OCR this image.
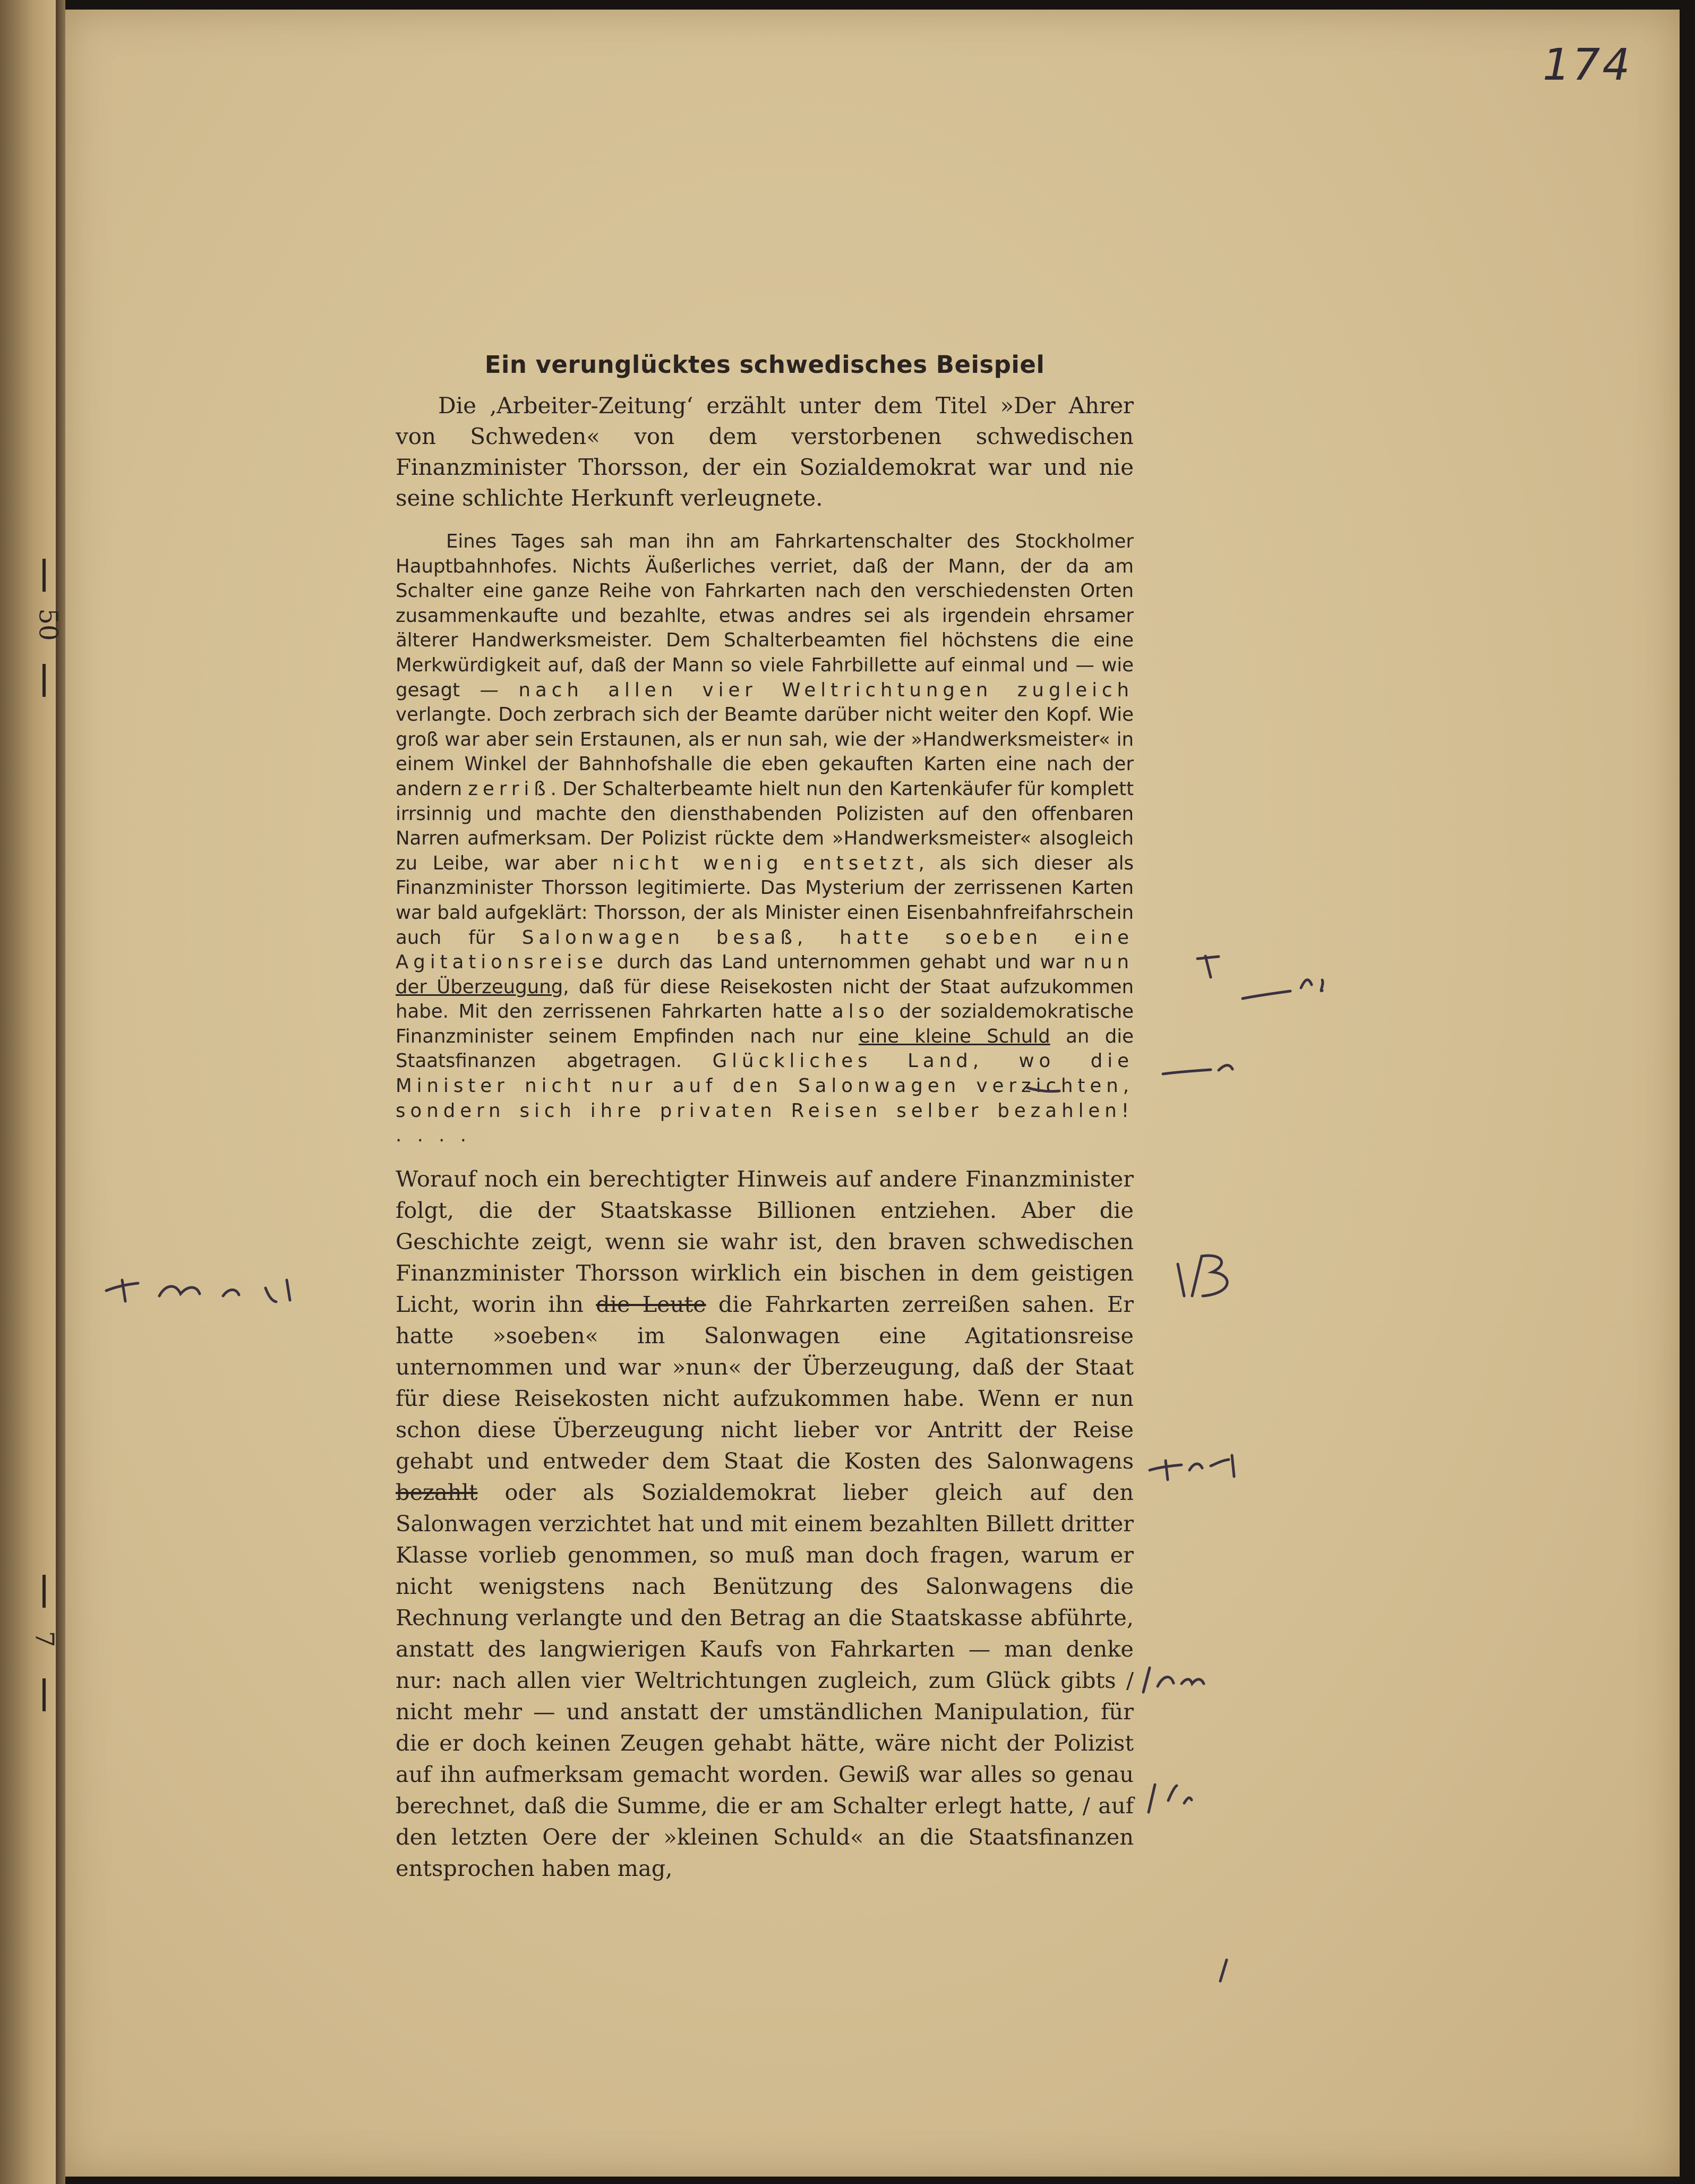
50
7
174
Ein verunglücktes schwedisches Beispiel

Die ‚Arbeiter-Zeitung‘ erzählt unter dem Titel »Der Ahrer von Schweden« von dem verstorbenen schwedischen Finanzminister Thorsson, der ein Sozialdemokrat war und nie seine schlichte Herkunft verleugnete.

Eines Tages sah man ihn am Fahrkartenschalter des Stockholmer Hauptbahnhofes. Nichts Äußerliches verriet, daß der Mann, der da am Schalter eine ganze Reihe von Fahrkarten nach den verschiedensten Orten zusammenkaufte und bezahlte, etwas andres sei als irgendein ehrsamer älterer Handwerksmeister. Dem Schalterbeamten fiel höchstens die eine Merkwürdigkeit auf, daß der Mann so viele Fahrbillette auf einmal und — wie gesagt — nach allen vier Weltrichtungen zugleich verlangte. Doch zerbrach sich der Beamte darüber nicht weiter den Kopf. Wie groß war aber sein Erstaunen, als er nun sah, wie der »Handwerksmeister« in einem Winkel der Bahnhofshalle die eben gekauften Karten eine nach der andern zerriß. Der Schalterbeamte hielt nun den Kartenkäufer für komplett irrsinnig und machte den diensthabenden Polizisten auf den offenbaren Narren aufmerksam. Der Polizist rückte dem »Handwerksmeister« alsogleich zu Leibe, war aber nicht wenig entsetzt, als sich dieser als Finanzminister Thorsson legitimierte. Das Mysterium der zerrissenen Karten war bald aufgeklärt: Thorsson, der als Minister einen Eisenbahnfreifahrschein auch für Salonwagen besaß, hatte soeben eine Agitationsreise durch das Land unternommen gehabt und war nun der Überzeugung, daß für diese Reisekosten nicht der Staat aufzukommen habe. Mit den zerrissenen Fahrkarten hatte also der sozialdemokratische Finanzminister seinem Empfinden nach nur eine kleine Schuld an die Staatsfinanzen abgetragen. Glückliches Land, wo die Minister nicht nur auf den Salonwagen verzichten, sondern sich ihre privaten Reisen selber bezahlen! . . . .

Worauf noch ein berechtigter Hinweis auf andere Finanzminister folgt, die der Staatskasse Billionen entziehen. Aber die Geschichte zeigt, wenn sie wahr ist, den braven schwedischen Finanzminister Thorsson wirklich ein bischen in dem geistigen Licht, worin ihn die Leute die Fahrkarten zerreißen sahen. Er hatte »soeben« im Salonwagen eine Agitationsreise unternommen und war »nun« der Überzeugung, daß der Staat für diese Reisekosten nicht aufzukommen habe. Wenn er nun schon diese Überzeugung nicht lieber vor Antritt der Reise gehabt und entweder dem Staat die Kosten des Salonwagens bezahlt oder als Sozialdemokrat lieber gleich auf den Salonwagen verzichtet hat und mit einem bezahlten Billett dritter Klasse vorlieb genommen, so muß man doch fragen, warum er nicht wenigstens nach Benützung des Salonwagens die Rechnung verlangte und den Betrag an die Staatskasse abführte, anstatt des langwierigen Kaufs von Fahrkarten — man denke nur: nach allen vier Weltrichtungen zugleich, zum Glück gibts / nicht mehr — und anstatt der umständlichen Manipulation, für die er doch keinen Zeugen gehabt hätte, wäre nicht der Polizist auf ihn aufmerksam gemacht worden. Gewiß war alles so genau berechnet, daß die Summe, die er am Schalter erlegt hatte, / auf den letzten Oere der »kleinen Schuld« an die Staatsfinanzen entsprochen haben mag,
